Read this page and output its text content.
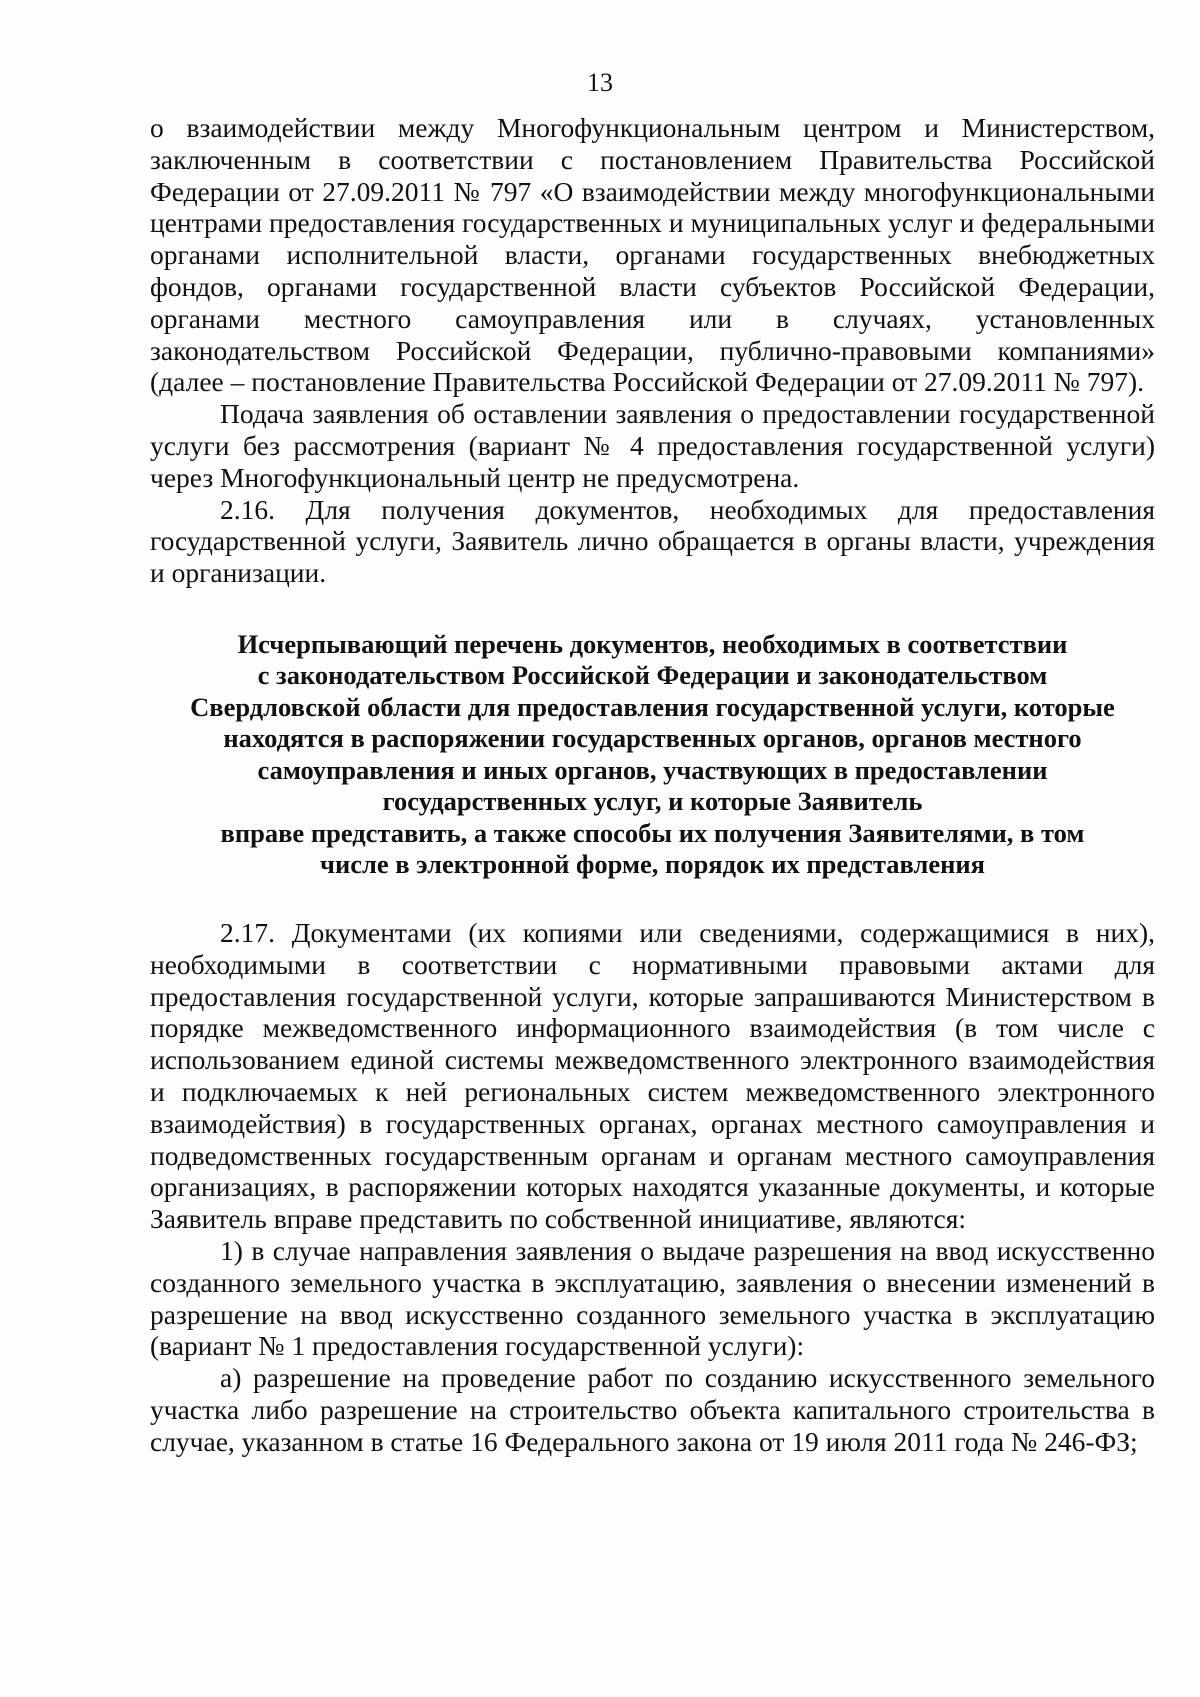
13

о взаимодействии между Многофункциональным центром и Министерством, заключенным в соответствии с постановлением Правительства Российской Федерации от 27.09.2011 № 797 «О взаимодействии между многофункциональными центрами предоставления государственных и муниципальных услуг и федеральными органами исполнительной власти, органами государственных внебюджетных фондов, органами государственной власти субъектов Российской Федерации, органами местного самоуправления или в случаях, установленных законодательством Российской Федерации, публично-правовыми компаниями» (далее – постановление Правительства Российской Федерации от 27.09.2011 № 797).

Подача заявления об оставлении заявления о предоставлении государственной услуги без рассмотрения (вариант № 4 предоставления государственной услуги) через Многофункциональный центр не предусмотрена.

2.16. Для получения документов, необходимых для предоставления государственной услуги, Заявитель лично обращается в органы власти, учреждения и организации.

Исчерпывающий перечень документов, необходимых в соответствии
с законодательством Российской Федерации и законодательством
Свердловской области для предоставления государственной услуги, которые
находятся в распоряжении государственных органов, органов местного
самоуправления и иных органов, участвующих в предоставлении
государственных услуг, и которые Заявитель
вправе представить, а также способы их получения Заявителями, в том
числе в электронной форме, порядок их представления

2.17. Документами (их копиями или сведениями, содержащимися в них), необходимыми в соответствии с нормативными правовыми актами для предоставления государственной услуги, которые запрашиваются Министерством в порядке межведомственного информационного взаимодействия (в том числе с использованием единой системы межведомственного электронного взаимодействия и подключаемых к ней региональных систем межведомственного электронного взаимодействия) в государственных органах, органах местного самоуправления и подведомственных государственным органам и органам местного самоуправления организациях, в распоряжении которых находятся указанные документы, и которые Заявитель вправе представить по собственной инициативе, являются:

1) в случае направления заявления о выдаче разрешения на ввод искусственно созданного земельного участка в эксплуатацию, заявления о внесении изменений в разрешение на ввод искусственно созданного земельного участка в эксплуатацию (вариант № 1 предоставления государственной услуги):

а) разрешение на проведение работ по созданию искусственного земельного участка либо разрешение на строительство объекта капитального строительства в случае, указанном в статье 16 Федерального закона от 19 июля 2011 года № 246-ФЗ;
